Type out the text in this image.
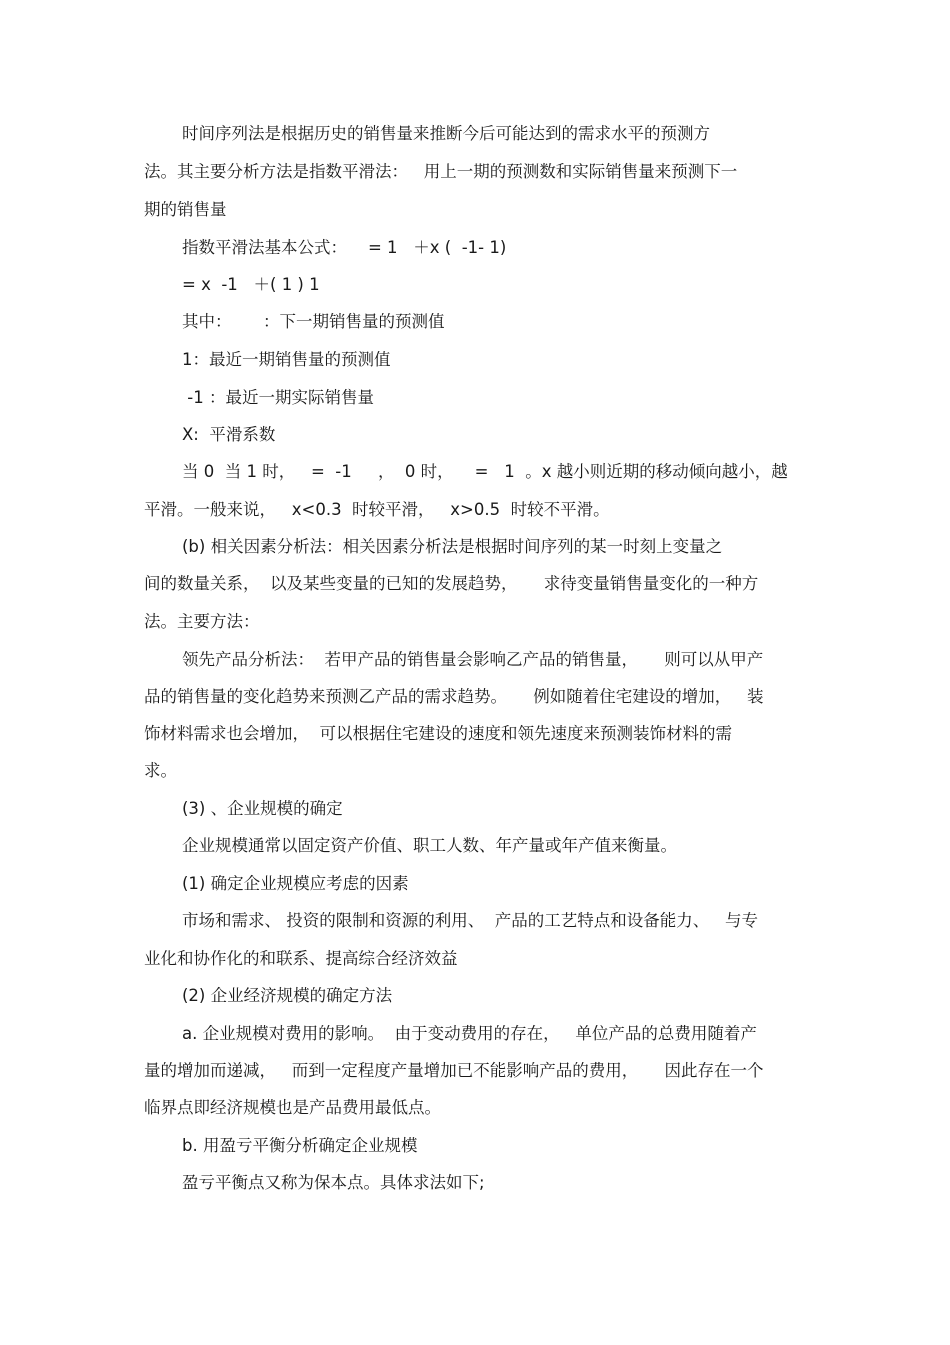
时间序列法是根据历史的销售量来推断今后可能达到的需求水平的预测方

法。其主要分析方法是指数平滑法：   用上一期的预测数和实际销售量来预测下一

期的销售量

指数平滑法基本公式：    = 1   ＋x (  -1- 1)

= x  -1   ＋( 1 ) 1

其中：      ：下一期销售量的预测值

1：最近一期销售量的预测值

-1 ：最近一期实际销售量

X:  平滑系数

当 0  当 1 时，   =  -1     ，  0 时，    =   1  。x 越小则近期的移动倾向越小，越

平滑。一般来说，   x<0.3  时较平滑，   x>0.5  时较不平滑。

(b) 相关因素分析法：相关因素分析法是根据时间序列的某一时刻上变量之

间的数量关系，  以及某些变量的已知的发展趋势，     求待变量销售量变化的一种方

法。主要方法：

领先产品分析法：  若甲产品的销售量会影响乙产品的销售量，     则可以从甲产

品的销售量的变化趋势来预测乙产品的需求趋势。     例如随着住宅建设的增加，   装

饰材料需求也会增加，  可以根据住宅建设的速度和领先速度来预测装饰材料的需

求。

(3) 、企业规模的确定

企业规模通常以固定资产价值、职工人数、年产量或年产值来衡量。

(1) 确定企业规模应考虑的因素

市场和需求、 投资的限制和资源的利用、  产品的工艺特点和设备能力、   与专

业化和协作化的和联系、提高综合经济效益

(2) 企业经济规模的确定方法

a. 企业规模对费用的影响。  由于变动费用的存在，   单位产品的总费用随着产

量的增加而递减，   而到一定程度产量增加已不能影响产品的费用，     因此存在一个

临界点即经济规模也是产品费用最低点。

b. 用盈亏平衡分析确定企业规模

盈亏平衡点又称为保本点。具体求法如下;
